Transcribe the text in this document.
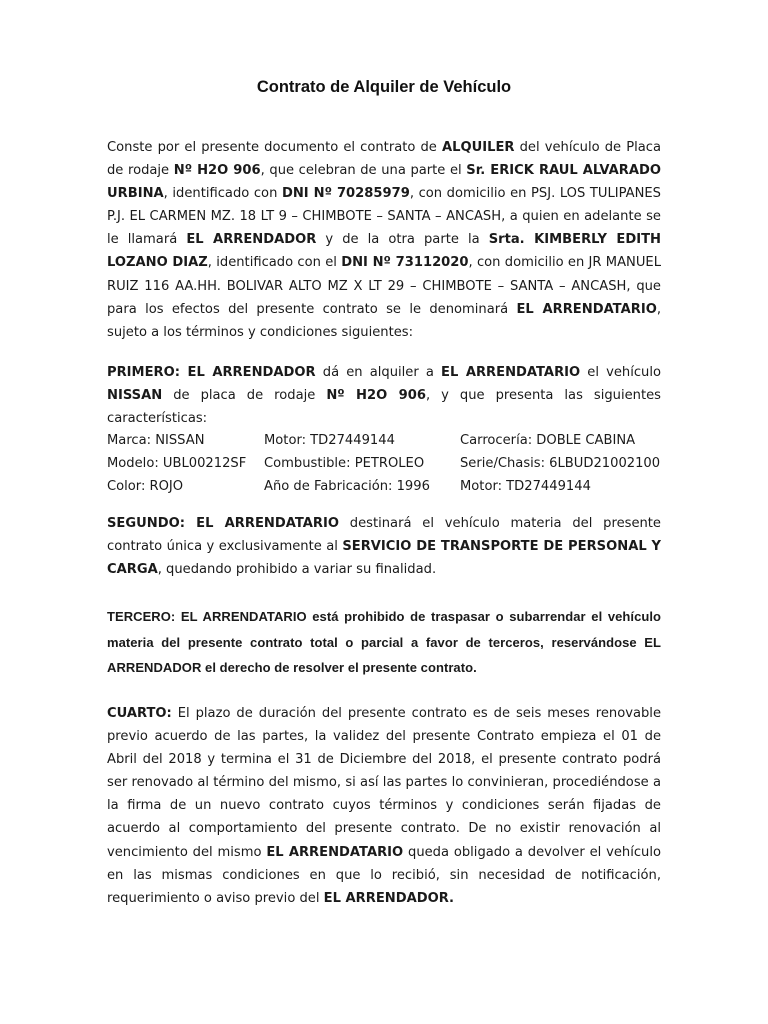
Contrato de Alquiler de Vehículo

Conste por el presente documento el contrato de ALQUILER del vehículo de Placa de rodaje Nº H2O 906, que celebran de una parte el Sr. ERICK RAUL ALVARADO URBINA, identificado con DNI Nº 70285979, con domicilio en PSJ. LOS TULIPANES P.J. EL CARMEN MZ. 18 LT 9 – CHIMBOTE – SANTA – ANCASH, a quien en adelante se le llamará EL ARRENDADOR y de la otra parte la Srta. KIMBERLY EDITH LOZANO DIAZ, identificado con el DNI Nº 73112020, con domicilio en JR MANUEL RUIZ 116 AA.HH. BOLIVAR ALTO MZ X LT 29 – CHIMBOTE – SANTA – ANCASH, que para los efectos del presente contrato se le denominará EL ARRENDATARIO, sujeto a los términos y condiciones siguientes:

PRIMERO: EL ARRENDADOR dá en alquiler a EL ARRENDATARIO el vehículo NISSAN de placa de rodaje Nº H2O 906, y que presenta las siguientes características:

Marca: NISSAN	Motor: TD27449144	Carrocería: DOBLE CABINA
Modelo: UBL00212SF Combustible: PETROLEO	Serie/Chasis: 6LBUD21002100
Color: ROJO	Año de Fabricación: 1996 Motor: TD27449144

SEGUNDO: EL ARRENDATARIO destinará el vehículo materia del presente contrato única y exclusivamente al SERVICIO DE TRANSPORTE DE PERSONAL Y CARGA, quedando prohibido a variar su finalidad.

TERCERO: EL ARRENDATARIO está prohibido de traspasar o subarrendar el vehículo materia del presente contrato total o parcial a favor de terceros, reservándose EL ARRENDADOR el derecho de resolver el presente contrato.

CUARTO: El plazo de duración del presente contrato es de seis meses renovable previo acuerdo de las partes, la validez del presente Contrato empieza el 01 de Abril del 2018 y termina el 31 de Diciembre del 2018, el presente contrato podrá ser renovado al término del mismo, si así las partes lo convinieran, procediéndose a la firma de un nuevo contrato cuyos términos y condiciones serán fijadas de acuerdo al comportamiento del presente contrato. De no existir renovación al vencimiento del mismo EL ARRENDATARIO queda obligado a devolver el vehículo en las mismas condiciones en que lo recibió, sin necesidad de notificación, requerimiento o aviso previo del EL ARRENDADOR.
